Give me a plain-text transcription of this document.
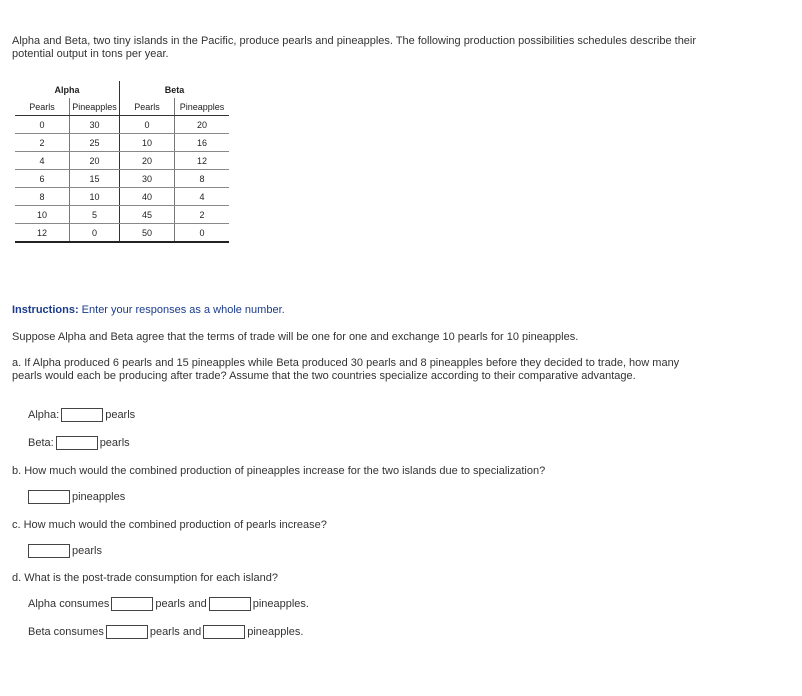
Alpha and Beta, two tiny islands in the Pacific, produce pearls and pineapples. The following production possibilities schedules describe their potential output in tons per year.
Alpha		Beta	
Pearls	Pineapples	Pearls	Pineapples
0	30	0	20
2	25	10	16
4	20	20	12
6	15	30	8
8	10	40	4
10	5	45	2
12	0	50	0
Instructions: Enter your responses as a whole number.
Suppose Alpha and Beta agree that the terms of trade will be one for one and exchange 10 pearls for 10 pineapples.
a. If Alpha produced 6 pearls and 15 pineapples while Beta produced 30 pearls and 8 pineapples before they decided to trade, how many pearls would each be producing after trade? Assume that the two countries specialize according to their comparative advantage.
Alpha:	pearls
Beta:	pearls
b. How much would the combined production of pineapples increase for the two islands due to specialization?
pineapples
c. How much would the combined production of pearls increase?
pearls
d. What is the post-trade consumption for each island?
Alpha consumes	pearls and	pineapples.
Beta consumes	pearls and	pineapples.
